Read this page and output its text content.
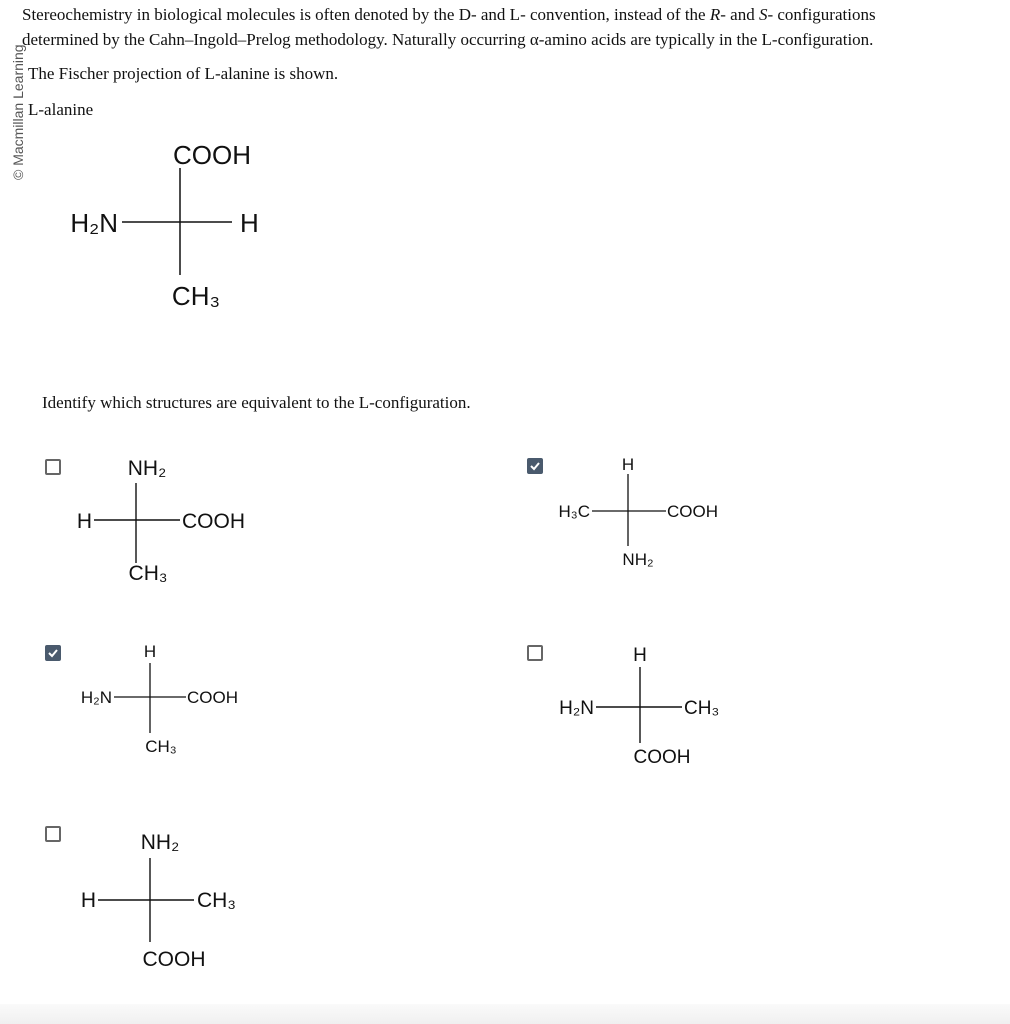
© Macmillan Learning

Stereochemistry in biological molecules is often denoted by the D- and L- convention, instead of the R- and S- configurations

determined by the Cahn–Ingold–Prelog methodology. Naturally occurring α-amino acids are typically in the L-configuration.

The Fischer projection of L-alanine is shown.
L-alanine
COOH
H₂N	H
CH₃
Identify which structures are equivalent to the L-configuration.
NH₂
H	COOH
CH₃
H
H₃C	COOH
NH₂
H
H₂N	COOH
CH₃
H
H₂N	CH₃
COOH
NH₂
H	CH₃
COOH
